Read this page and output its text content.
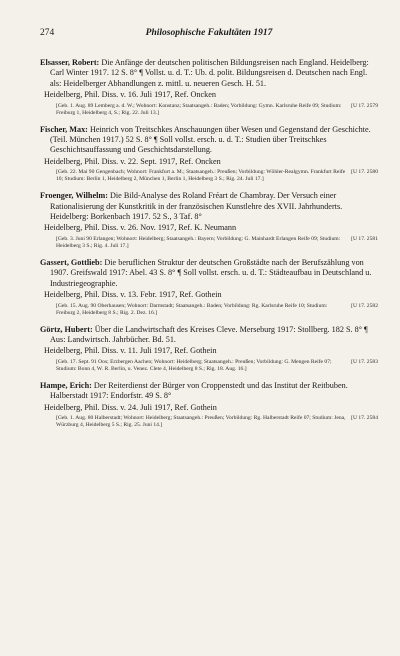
274	Philosophische Fakultäten 1917
Elsasser, Robert: Die Anfänge der deutschen politischen Bildungsreisen nach England. Heidelberg: Carl Winter 1917. 12 S. 8° ¶ Vollst. u. d. T.: Ub. d. polit. Bildungsreisen d. Deutschen nach Engl. als: Heidelberger Abhandlungen z. mittl. u. neueren Gesch. H. 51.
Heidelberg, Phil. Diss. v. 16. Juli 1917, Ref. Oncken
[U 17. 2579
[Geb. 1. Aug. 89 Lemberg a. d. W.; Wohnort: Konstanz; Staatsangeh.: Baden; Vorbildung: Gymn. Karlsruhe Reife 09; Studium: Freiburg 1, Heidelberg 4, S.; Rig. 22. Juli 13.]
Fischer, Max: Heinrich von Treitschkes Anschauungen über Wesen und Gegenstand der Geschichte. (Teil. München 1917.) 52 S. 8° ¶ Soll vollst. ersch. u. d. T.: Studien über Treitschkes Geschichtsauffassung und Geschichtsdarstellung.
Heidelberg, Phil. Diss. v. 22. Sept. 1917, Ref. Oncken
[U 17. 2580
[Geb. 22. Mai 90 Gengenbach; Wohnort: Frankfurt a. M.; Staatsangeh.: Preußen; Vorbildung: Wöhler-Realgymn. Frankfurt Reife 10; Studium: Berlin 1, Heidelberg 2, München 1, Berlin 1, Heidelberg 3 S.; Rig. 24. Juli 17.]
Froenger, Wilhelm: Die Bild-Analyse des Roland Fréart de Chambray. Der Versuch einer Rationalisierung der Kunstkritik in der französischen Kunstlehre des XVII. Jahrhunderts. Heidelberg: Borkenbach 1917. 52 S., 3 Taf. 8°
Heidelberg, Phil. Diss. v. 26. Nov. 1917, Ref. K. Neumann
[U 17. 2581
[Geb. 3. Juni 90 Erlangen; Wohnort: Heidelberg; Staatsangeh.: Bayern; Vorbildung: G. Mainhardt Erlangen Reife 09; Studium: Heidelberg 3 S.; Rig. 4. Juli 17.]
Gassert, Gottlieb: Die beruflichen Struktur der deutschen Großstädte nach der Berufszählung von 1907. Greifswald 1917: Abel. 43 S. 8° ¶ Soll vollst. ersch. u. d. T.: Städteaufbau in Deutschland u. Industriegeographie.
Heidelberg, Phil. Diss. v. 13. Febr. 1917, Ref. Gothein
[U 17. 2582
[Geb. 15. Aug. 90 Oberhausen; Wohnort: Darmstadt; Staatsangeh.: Baden; Vorbildung: Rg. Karlsruhe Reife 10; Studium: Freiburg 2, Heidelberg 8 S.; Rig. 2. Dez. 16.]
Görtz, Hubert: Über die Landwirtschaft des Kreises Cleve. Merseburg 1917: Stollberg. 182 S. 8° ¶ Aus: Landwirtsch. Jahrbücher. Bd. 51.
Heidelberg, Phil. Diss. v. 11. Juli 1917, Ref. Gothein
[U 17. 2583
[Geb. 17. Sept. 91 Oos; Erzbergen Aachen; Wohnort: Heidelberg; Staatsangeh.: Preußen; Vorbildung: G. Mengen Reife 07; Studium: Bonn 4, W. R. Berlin, u. Venez. Clete 4, Heidelberg 8 S.; Rig. 18. Aug. 16.]
Hampe, Erich: Der Reiterdienst der Bürger von Croppenstedt und das Institut der Reitbuben. Halberstadt 1917: Endorfstr. 49 S. 8°
Heidelberg, Phil. Diss. v. 24. Juli 1917, Ref. Gothein
[U 17. 2584
[Geb. 1. Aug. 80 Halberstadt; Wohnort: Heidelberg; Staatsangeh.: Preußen; Vorbildung: Rg. Halberstadt Reife 07; Studium: Jena, Würzburg 4, Heidelberg 5 S.; Rig. 25. Juni 14.]
